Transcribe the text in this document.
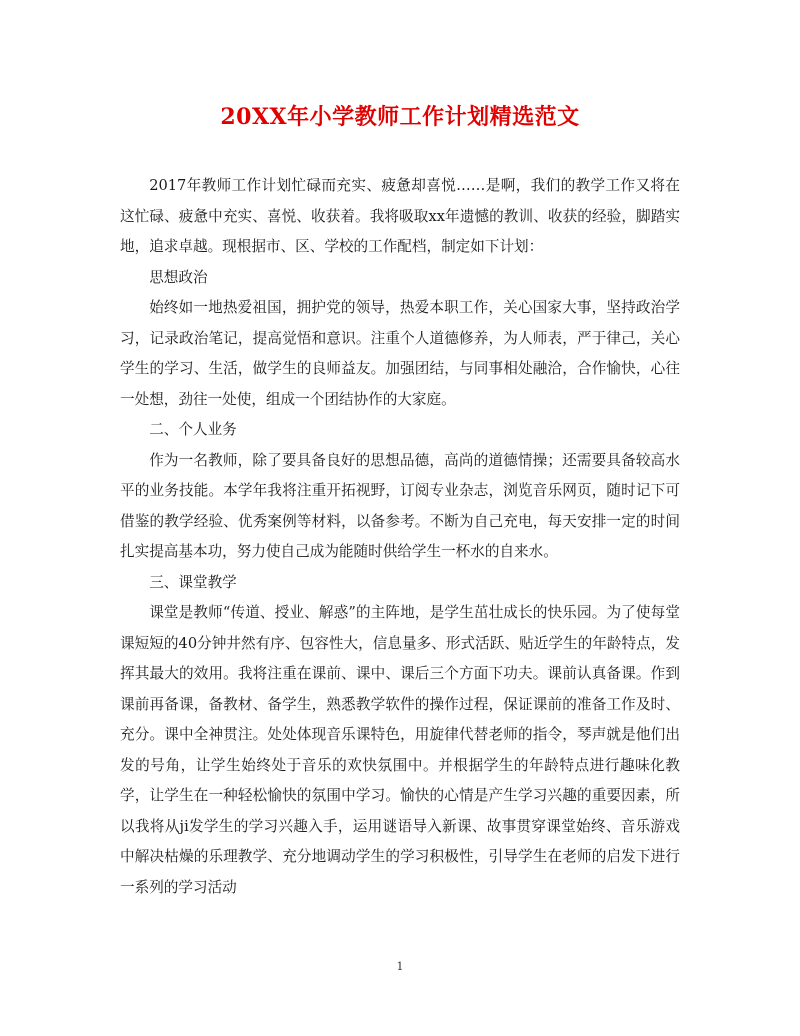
20XX年小学教师工作计划精选范文

2017年教师工作计划忙碌而充实、疲惫却喜悦……是啊，我们的教学工作又将在这忙碌、疲惫中充实、喜悦、收获着。我将吸取xx年遗憾的教训、收获的经验，脚踏实地，追求卓越。现根据市、区、学校的工作配档，制定如下计划：

思想政治

始终如一地热爱祖国，拥护党的领导，热爱本职工作，关心国家大事，坚持政治学习，记录政治笔记，提高觉悟和意识。注重个人道德修养，为人师表，严于律己，关心学生的学习、生活，做学生的良师益友。加强团结，与同事相处融洽，合作愉快，心往一处想，劲往一处使，组成一个团结协作的大家庭。

二、个人业务

作为一名教师，除了要具备良好的思想品德，高尚的道德情操；还需要具备较高水平的业务技能。本学年我将注重开拓视野，订阅专业杂志，浏览音乐网页，随时记下可借鉴的教学经验、优秀案例等材料，以备参考。不断为自己充电，每天安排一定的时间扎实提高基本功，努力使自己成为能随时供给学生一杯水的自来水。

三、课堂教学

课堂是教师“传道、授业、解惑”的主阵地，是学生茁壮成长的快乐园。为了使每堂课短短的40分钟井然有序、包容性大，信息量多、形式活跃、贴近学生的年龄特点，发挥其最大的效用。我将注重在课前、课中、课后三个方面下功夫。课前认真备课。作到课前再备课，备教材、备学生，熟悉教学软件的操作过程，保证课前的准备工作及时、充分。课中全神贯注。处处体现音乐课特色，用旋律代替老师的指令，琴声就是他们出发的号角，让学生始终处于音乐的欢快氛围中。并根据学生的年龄特点进行趣味化教学，让学生在一种轻松愉快的氛围中学习。愉快的心情是产生学习兴趣的重要因素，所以我将从ji发学生的学习兴趣入手，运用谜语导入新课、故事贯穿课堂始终、音乐游戏中解决枯燥的乐理教学、充分地调动学生的学习积极性，引导学生在老师的启发下进行一系列的学习活动

1
